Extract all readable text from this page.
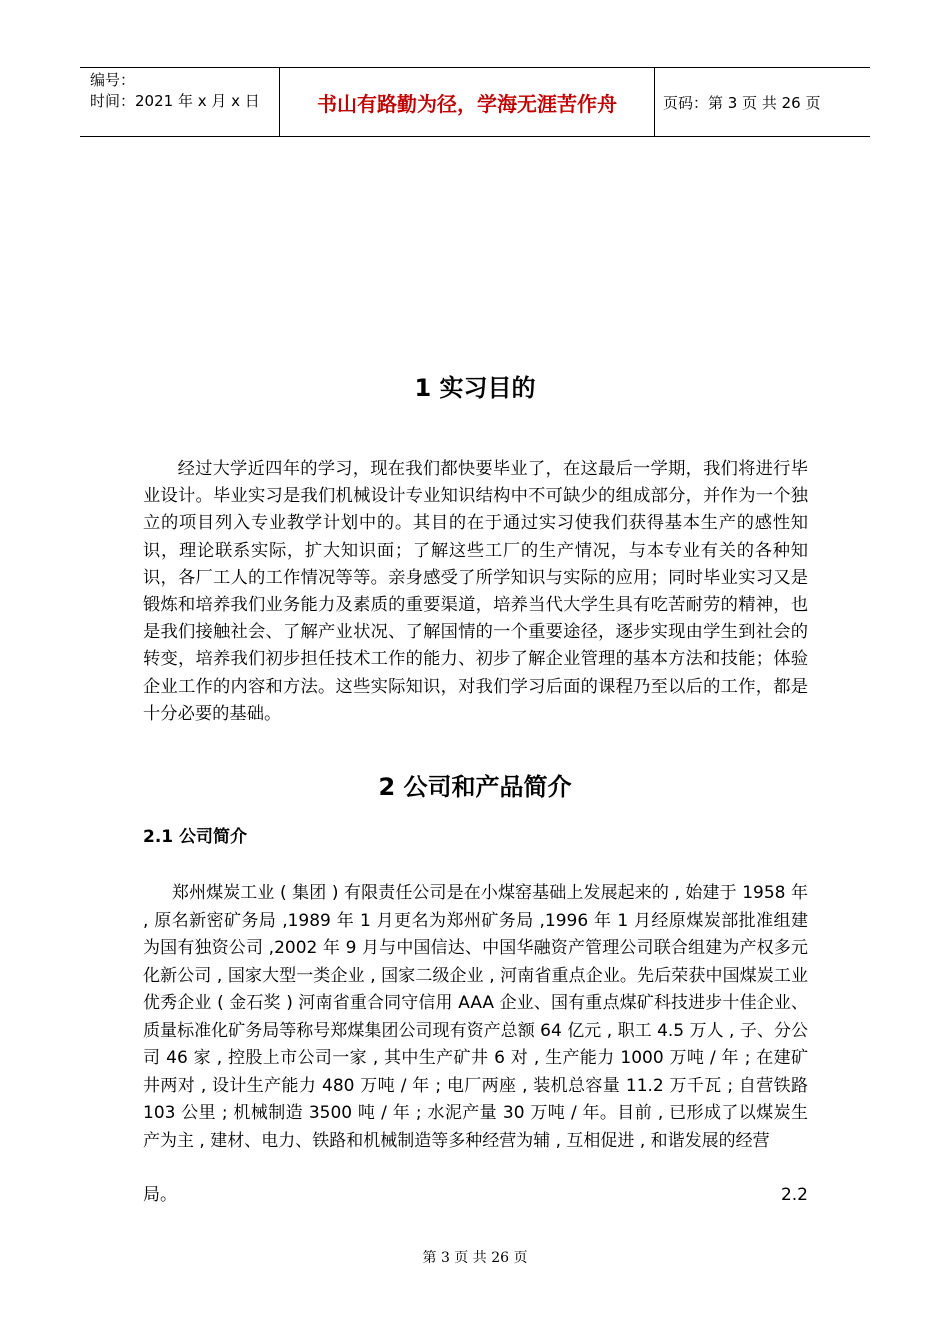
编号：
时间：2021 年 x 月 x 日	书山有路勤为径，学海无涯苦作舟	页码：第 3 页 共 26 页
1 实习目的

经过大学近四年的学习，现在我们都快要毕业了，在这最后一学期，我们将进行毕业设计。毕业实习是我们机械设计专业知识结构中不可缺少的组成部分，并作为一个独立的项目列入专业教学计划中的。其目的在于通过实习使我们获得基本生产的感性知识，理论联系实际，扩大知识面；了解这些工厂的生产情况，与本专业有关的各种知识，各厂工人的工作情况等等。亲身感受了所学知识与实际的应用；同时毕业实习又是锻炼和培养我们业务能力及素质的重要渠道，培养当代大学生具有吃苦耐劳的精神，也是我们接触社会、了解产业状况、了解国情的一个重要途径，逐步实现由学生到社会的转变，培养我们初步担任技术工作的能力、初步了解企业管理的基本方法和技能；体验企业工作的内容和方法。这些实际知识，对我们学习后面的课程乃至以后的工作，都是十分必要的基础。

2 公司和产品简介
2.1 公司简介

郑州煤炭工业 ( 集团 ) 有限责任公司是在小煤窑基础上发展起来的 , 始建于 1958 年 , 原名新密矿务局 ,1989 年 1 月更名为郑州矿务局 ,1996 年 1 月经原煤炭部批准组建为国有独资公司 ,2002 年 9 月与中国信达、中国华融资产管理公司联合组建为产权多元化新公司 , 国家大型一类企业 , 国家二级企业 , 河南省重点企业。先后荣获中国煤炭工业优秀企业 ( 金石奖 ) 河南省重合同守信用 AAA 企业、国有重点煤矿科技进步十佳企业、质量标准化矿务局等称号郑煤集团公司现有资产总额 64 亿元 , 职工 4.5 万人 , 子、分公司 46 家 , 控股上市公司一家 , 其中生产矿井 6 对 , 生产能力 1000 万吨 / 年 ; 在建矿井两对 , 设计生产能力 480 万吨 / 年 ; 电厂两座 , 装机总容量 11.2 万千瓦 ; 自营铁路 103 公里 ; 机械制造 3500 吨 / 年 ; 水泥产量 30 万吨 / 年。目前 , 已形成了以煤炭生产为主 , 建材、电力、铁路和机械制造等多种经营为辅 , 互相促进 , 和谐发展的经营

局。	2.2
第 3 页 共 26 页
